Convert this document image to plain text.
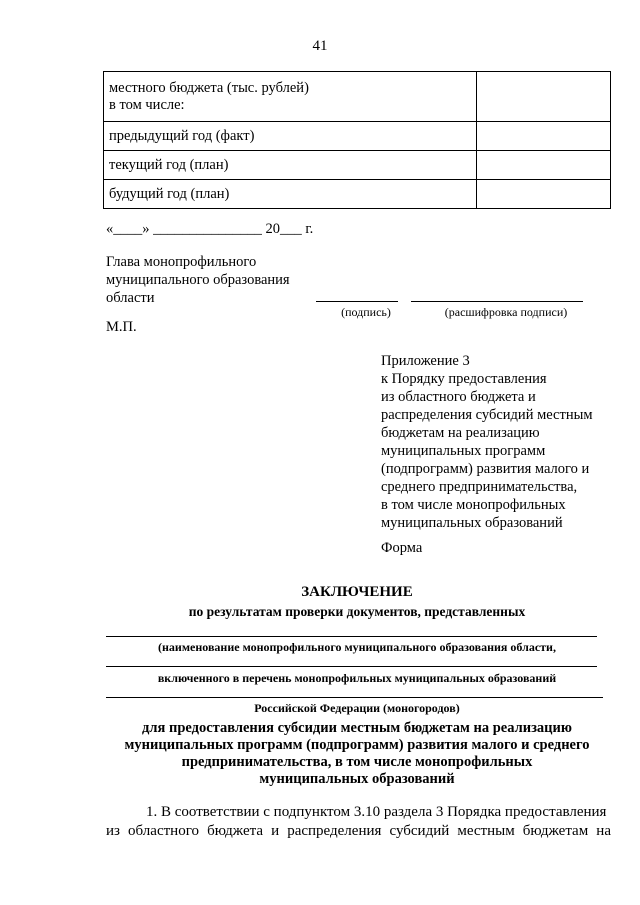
41
местного бюджета (тыс. рублей)
в том числе:	

предыдущий год (факт)	
текущий год (план)	
будущий год (план)	
«____» _______________ 20___ г.
Глава монопрофильного
муниципального образования
области
(подпись)	(расшифровка подписи)
М.П.
Приложение 3
к Порядку предоставления
из областного бюджета и
распределения субсидий местным
бюджетам на реализацию
муниципальных программ
(подпрограмм) развития малого и
среднего предпринимательства,
в том числе монопрофильных
муниципальных образований
Форма
ЗАКЛЮЧЕНИЕ
по результатам проверки документов, представленных
(наименование монопрофильного муниципального образования области,
включенного в перечень монопрофильных муниципальных образований
Российской Федерации (моногородов)
для предоставления субсидии местным бюджетам на реализацию
муниципальных программ (подпрограмм) развития малого и среднего
предпринимательства, в том числе монопрофильных
муниципальных образований
1. В соответствии с подпунктом 3.10 раздела 3 Порядка предоставления
из областного бюджета и распределения субсидий местным бюджетам на
